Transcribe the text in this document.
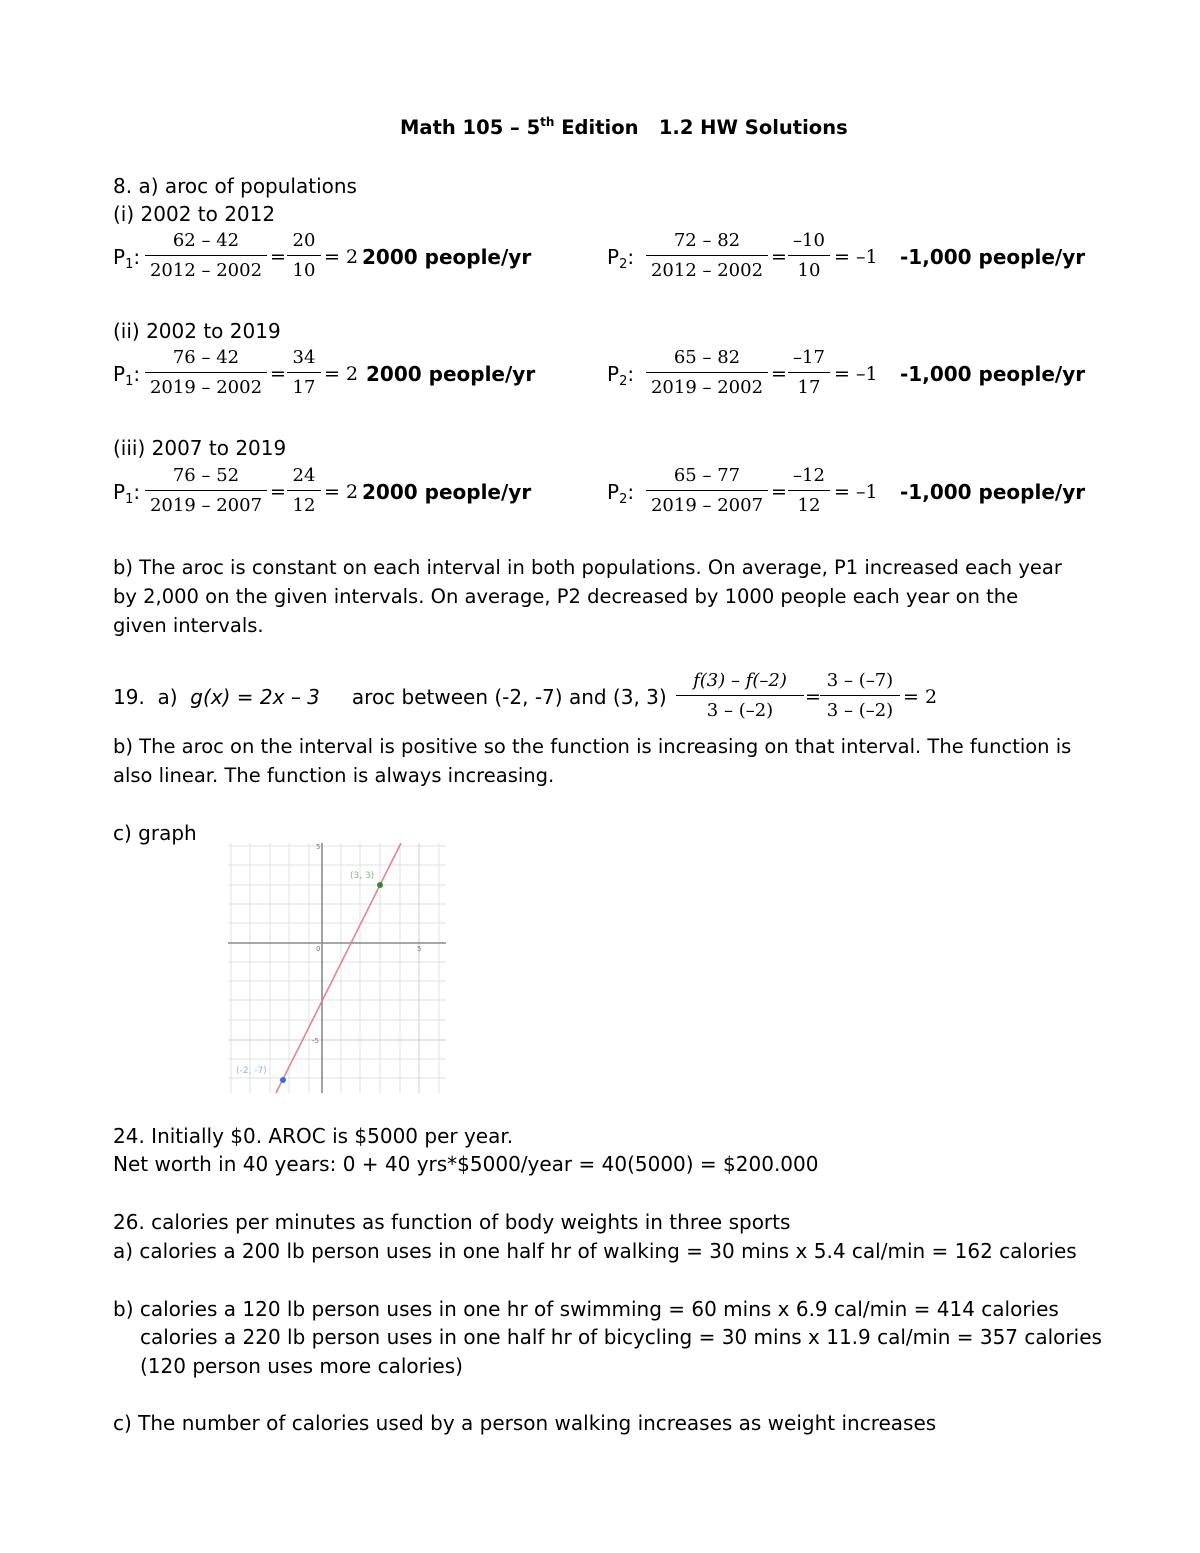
Math 105 – 5th Edition   1.2 HW Solutions
8. a) aroc of populations
(i) 2002 to 2012
$P_1$: $\frac{62 - 42}{2012 - 2002} = \frac{20}{10} = 2$ 2000 people/yr	$P_2$: $\frac{72 - 82}{2012 - 2002} = \frac{-10}{10} = -1$ -1,000 people/yr
(ii) 2002 to 2019
$P_1$: $\frac{76 - 42}{2019 - 2002} = \frac{34}{17} = 2$ 2000 people/yr	$P_2$: $\frac{65 - 82}{2019 - 2002} = \frac{-17}{17} = -1$ -1,000 people/yr
(iii) 2007 to 2019
$P_1$: $\frac{76 - 52}{2019 - 2007} = \frac{24}{12} = 2$ 2000 people/yr	$P_2$: $\frac{65 - 77}{2019 - 2007} = \frac{-12}{12} = -1$ -1,000 people/yr
b) The aroc is constant on each interval in both populations. On average, P1 increased each year by 2,000 on the given intervals. On average, P2 decreased by 1000 people each year on the given intervals.
19.  a)  g(x) = 2x – 3 aroc between (-2, -7) and (3, $3) \frac{f(3) - f(-2)}{3 - (-2)} = \frac{3 - (-7)}{3 - (-2)} = 2$
b) The aroc on the interval is positive so the function is increasing on that interval. The function is also linear. The function is always increasing.
c) graph
0	5
5
-5
(3, 3)
(-2, -7)
24. Initially $0. AROC is $5000 per year.
Net worth in 40 years: 0 + 40 yrs*$5000/year = 40(5000) = $200.000
26. calories per minutes as function of body weights in three sports
a) calories a 200 lb person uses in one half hr of walking = 30 mins x 5.4 cal/min = 162 calories
b) calories a 120 lb person uses in one hr of swimming = 60 mins x 6.9 cal/min = 414 calories
calories a 220 lb person uses in one half hr of bicycling = 30 mins x 11.9 cal/min = 357 calories
(120 person uses more calories)
c) The number of calories used by a person walking increases as weight increases
